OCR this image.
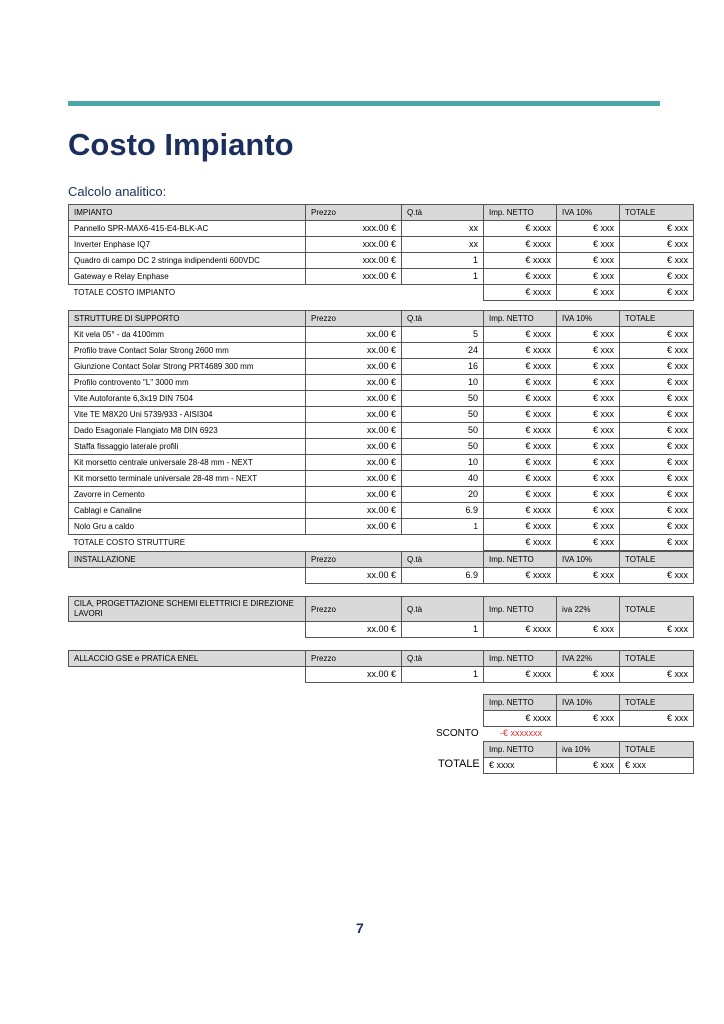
Costo Impianto
Calcolo analitico:
IMPIANTO	Prezzo	Q.tà	Imp. NETTO	IVA 10%	TOTALE
Pannello SPR-MAX6-415-E4-BLK-AC	xxx.00 €	xx	€ xxxx	€ xxx	€ xxx
Inverter Enphase IQ7	xxx.00 €	xx	€ xxxx	€ xxx	€ xxx
Quadro di campo DC 2 stringa indipendenti 600VDC	xxx.00 €	1	€ xxxx	€ xxx	€ xxx
Gateway e Relay Enphase	xxx.00 €	1	€ xxxx	€ xxx	€ xxx
TOTALE COSTO IMPIANTO			€ xxxx	€ xxx	€ xxx
STRUTTURE DI SUPPORTO	Prezzo	Q.tà	Imp. NETTO	IVA 10%	TOTALE
Kit vela 05° - da 4100mm	xx.00 €	5	€ xxxx	€ xxx	€ xxx
Profilo trave Contact Solar Strong 2600 mm	xx.00 €	24	€ xxxx	€ xxx	€ xxx
Giunzione Contact Solar Strong PRT4689 300 mm	xx.00 €	16	€ xxxx	€ xxx	€ xxx
Profilo controvento "L" 3000 mm	xx.00 €	10	€ xxxx	€ xxx	€ xxx
Vite Autoforante 6,3x19 DIN 7504	xx.00 €	50	€ xxxx	€ xxx	€ xxx
Vite TE M8X20 Uni 5739/933 - AISI304	xx.00 €	50	€ xxxx	€ xxx	€ xxx
Dado Esagonale Flangiato M8 DIN 6923	xx.00 €	50	€ xxxx	€ xxx	€ xxx
Staffa fissaggio laterale profili	xx.00 €	50	€ xxxx	€ xxx	€ xxx
Kit morsetto centrale universale 28-48 mm - NEXT	xx.00 €	10	€ xxxx	€ xxx	€ xxx
Kit morsetto terminale universale 28-48 mm - NEXT	xx.00 €	40	€ xxxx	€ xxx	€ xxx
Zavorre in Cemento	xx.00 €	20	€ xxxx	€ xxx	€ xxx
Cablagi e Canaline	xx.00 €	6.9	€ xxxx	€ xxx	€ xxx
Nolo Gru a caldo	xx.00 €	1	€ xxxx	€ xxx	€ xxx
TOTALE COSTO STRUTTURE			€ xxxx	€ xxx	€ xxx
INSTALLAZIONE	Prezzo	Q.tà	Imp. NETTO	IVA 10%	TOTALE
	xx.00 €	6.9	€ xxxx	€ xxx	€ xxx
CILA, PROGETTAZIONE SCHEMI ELETTRICI E DIREZIONE LAVORI	Prezzo	Q.tà	Imp. NETTO	iva 22%	TOTALE
	xx.00 €	1	€ xxxx	€ xxx	€ xxx
ALLACCIO GSE e PRATICA ENEL	Prezzo	Q.tà	Imp. NETTO	IVA 22%	TOTALE
	xx.00 €	1	€ xxxx	€ xxx	€ xxx
Imp. NETTO	IVA 10%	TOTALE
€ xxxx	€ xxx	€ xxx
SCONTO -€ xxxxxxx
Imp. NETTO	iva 10%	TOTALE
€ xxxx	€ xxx	€ xxx
TOTALE
7
